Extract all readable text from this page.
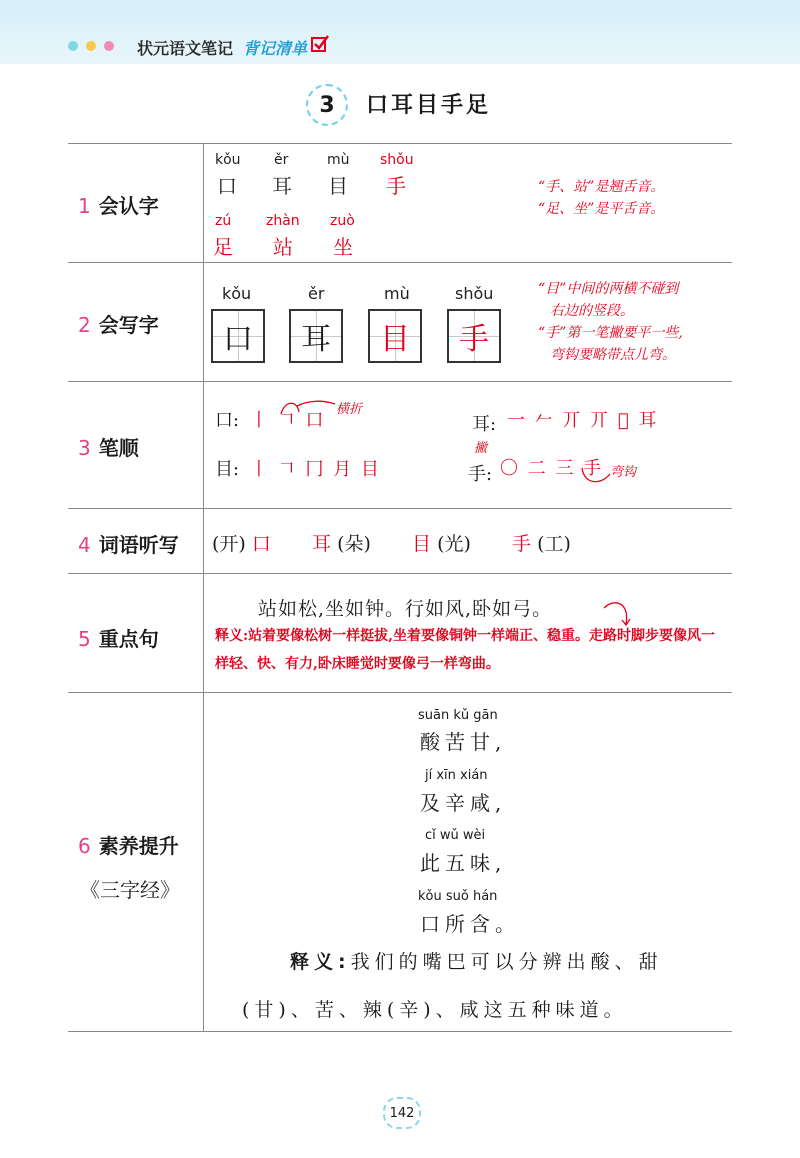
状元语文笔记 背记清单
3	口耳目手足
1 会认字
kǒu
口
ěr
耳
mù
目
shǒu
手
zú
足
zhàn
站
zuò
坐
“手、站”是翘舌音。
“足、坐”是平舌音。
2 会写字
kǒu
口
ěr
耳
mù
目
shǒu
手
“目”中间的两横不碰到
右边的竖段。
“手”第一笔撇要平一些,
弯钩要略带点儿弯。
3 笔顺
口: 丨 𠃍 口
横折
耳: 一 𠂉 丌 丌 𬺰 耳
目: 丨 𠃍 冂 月 目
撇
手: 〇 二 三 手 弯钩
4 词语听写 (开) 口 耳 (朵) 目 (光) 手 (工)
5 重点句
站如松,坐如钟。行如风,卧如弓。
释义:站着要像松树一样挺拔,坐着要像铜钟一样端正、稳重。走路时脚步要像风一样轻、快、有力,卧床睡觉时要像弓一样弯曲。
6 素养提升
《三字经》
suān kǔ gān
酸苦甘,
jí xīn xián
及辛咸,
cǐ wǔ wèi
此五味,
kǒu suǒ hán
口所含。
释义:我们的嘴巴可以分辨出酸、甜(甘)、苦、辣(辛)、咸这五种味道。
142
